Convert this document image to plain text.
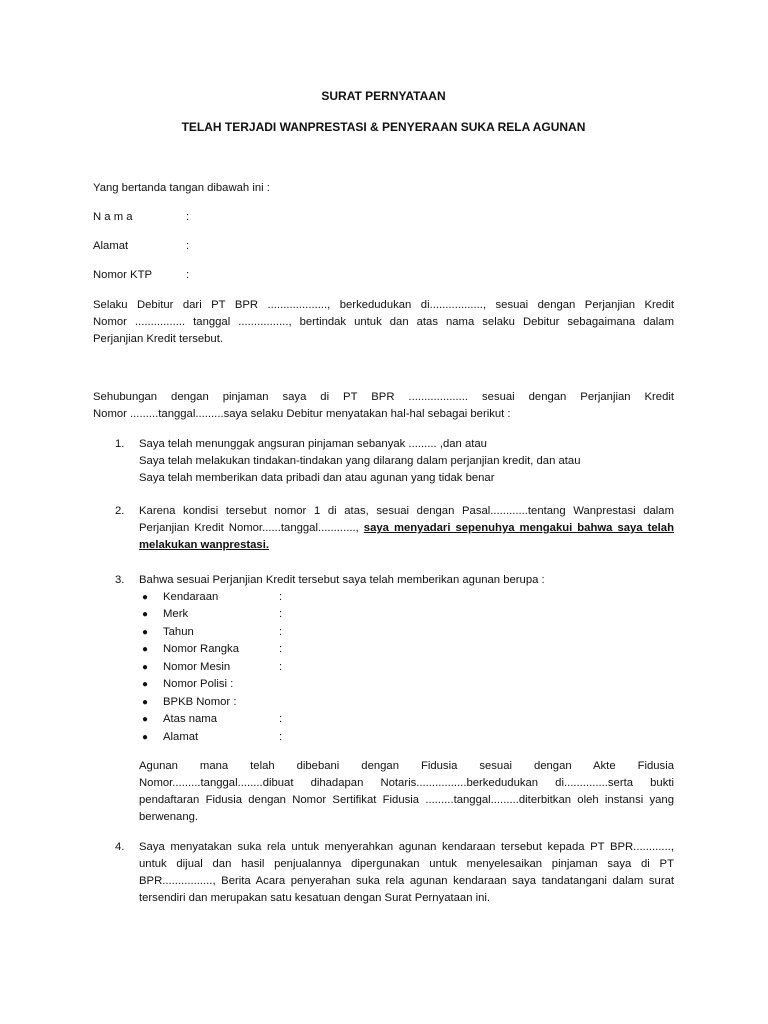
SURAT PERNYATAAN
TELAH TERJADI WANPRESTASI & PENYERAAN SUKA RELA AGUNAN
Yang bertanda tangan dibawah ini :
N a m a	:
Alamat	:
Nomor KTP	:
Selaku Debitur dari PT BPR ..................., berkedudukan di................., sesuai dengan Perjanjian Kredit
Nomor ................ tanggal ................, bertindak untuk dan atas nama selaku Debitur sebagaimana dalam
Perjanjian Kredit tersebut.
Sehubungan dengan pinjaman saya di PT BPR ................... sesuai dengan Perjanjian Kredit
Nomor .........tanggal.........saya selaku Debitur menyatakan hal-hal sebagai berikut :
1. Saya telah menunggak angsuran pinjaman sebanyak ......... ,dan atau
Saya telah melakukan tindakan-tindakan yang dilarang dalam perjanjian kredit, dan atau
Saya telah memberikan data pribadi dan atau agunan yang tidak benar
2. Karena kondisi tersebut nomor 1 di atas, sesuai dengan Pasal............tentang Wanprestasi dalam
Perjanjian Kredit Nomor......tanggal............, saya menyadari sepenuhya mengakui bahwa saya telah
melakukan wanprestasi.
3. Bahwa sesuai Perjanjian Kredit tersebut saya telah memberikan agunan berupa :
● Kendaraan	:
● Merk	:
● Tahun	:
● Nomor Rangka	:
● Nomor Mesin	:
● Nomor Polisi :
● BPKB Nomor :
● Atas nama	:
● Alamat	:
Agunan mana telah dibebani dengan Fidusia sesuai dengan Akte Fidusia
Nomor.........tanggal........dibuat dihadapan Notaris................berkedudukan di..............serta bukti
pendaftaran Fidusia dengan Nomor Sertifikat Fidusia .........tanggal.........diterbitkan oleh instansi yang
berwenang.
4. Saya menyatakan suka rela untuk menyerahkan agunan kendaraan tersebut kepada PT BPR............,
untuk dijual dan hasil penjualannya dipergunakan untuk menyelesaikan pinjaman saya di PT
BPR................, Berita Acara penyerahan suka rela agunan kendaraan saya tandatangani dalam surat
tersendiri dan merupakan satu kesatuan dengan Surat Pernyataan ini.
